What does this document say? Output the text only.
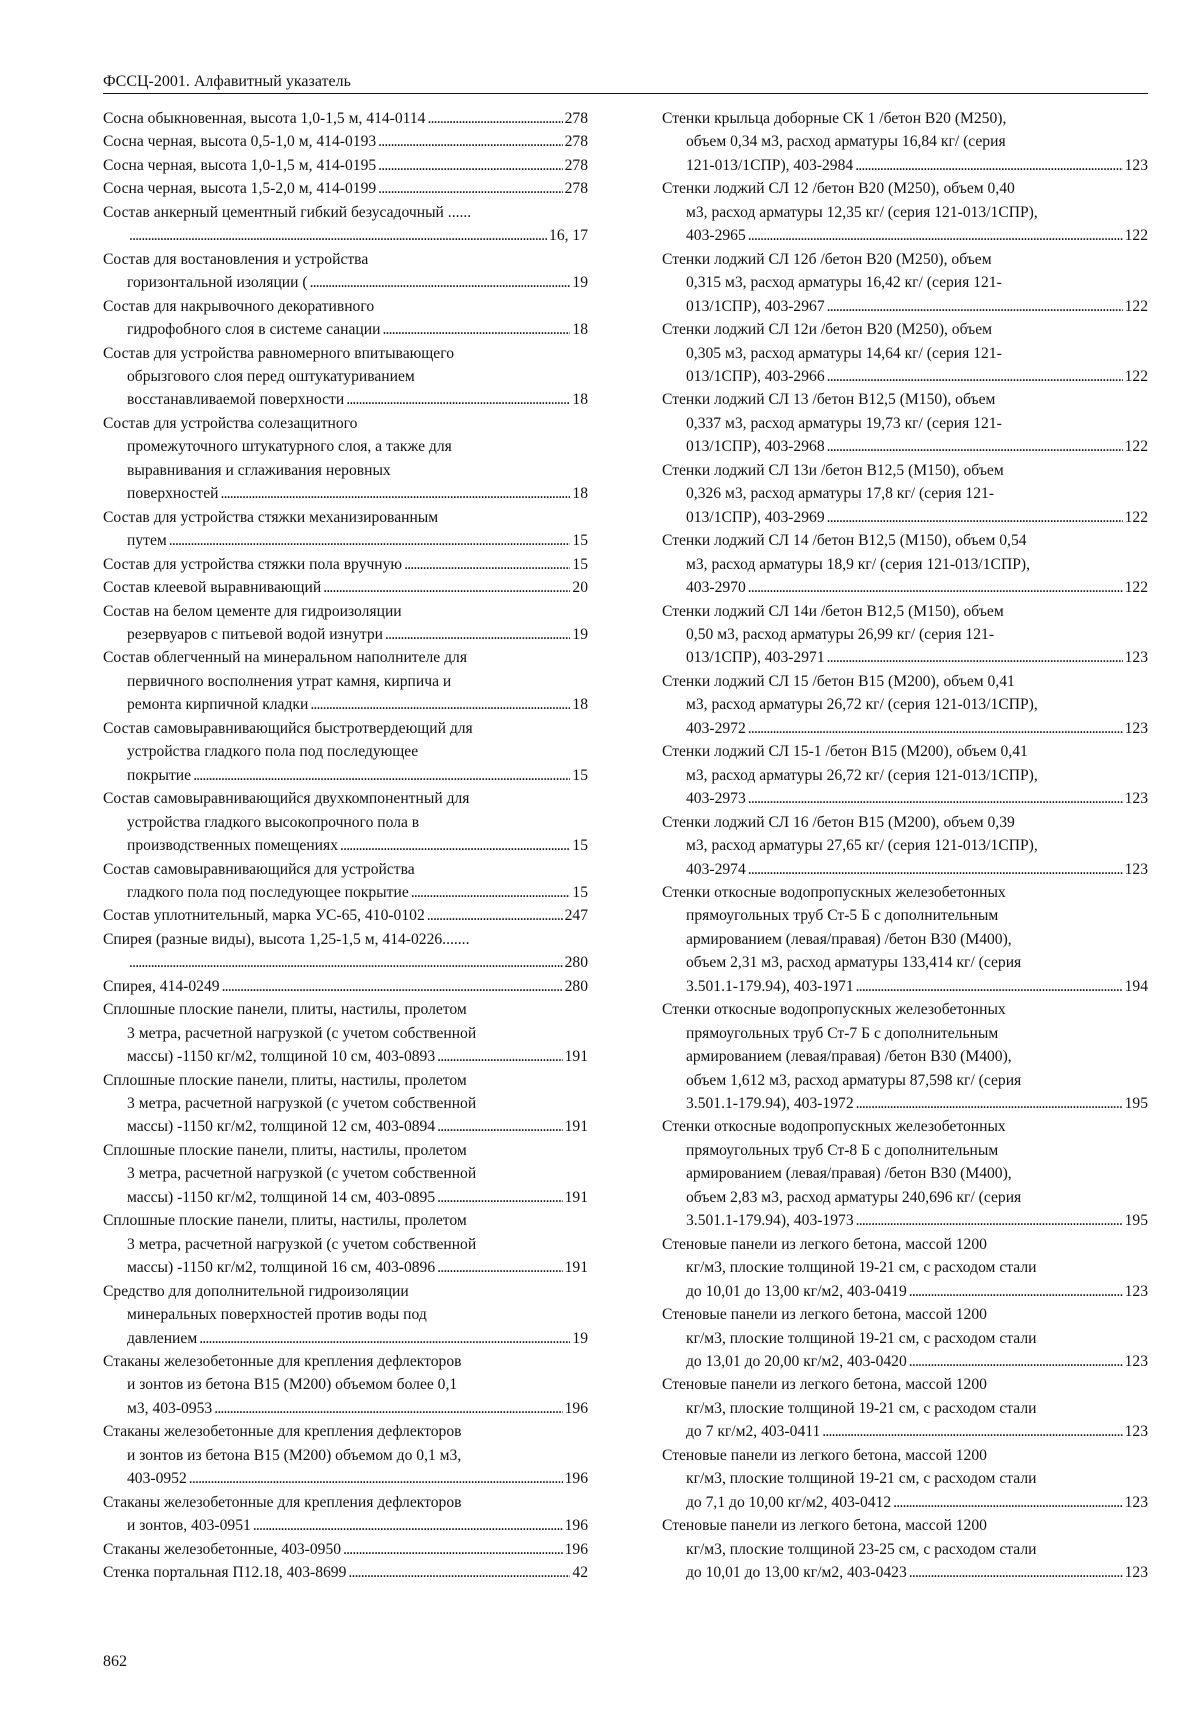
ФССЦ-2001. Алфавитный указатель
Сосна обыкновенная, высота 1,0-1,5 м, 414-0114 .....	278
Сосна черная, высота 0,5-1,0 м, 414-0193 .....	278
Сосна черная, высота 1,0-1,5 м, 414-0195 .....	278
Сосна черная, высота 1,5-2,0 м, 414-0199 .....	278
Состав анкерный цементный гибкий безусадочный ......
.....
16, 17
Состав для востановления и устройства
горизонтальной изоляции ( .....	19
Состав для накрывочного декоративного
гидрофобного слоя в системе санации .....	18
Состав для устройства равномерного впитывающего
обрызгового слоя перед оштукатуриванием
восстанавливаемой поверхности .....	18
Состав для устройства солезащитного
промежуточного штукатурного слоя, а также для
выравнивания и сглаживания неровных
поверхностей .....	18
Состав для устройства стяжки механизированным
путем .....	15
Состав для устройства стяжки пола вручную .....	15
Состав клеевой выравнивающий .....	20
Состав на белом цементе для гидроизоляции
резервуаров с питьевой водой изнутри .....	19
Состав облегченный на минеральном наполнителе для
первичного восполнения утрат камня, кирпича и
ремонта кирпичной кладки .....	18
Состав самовыравнивающийся быстротвердеющий для
устройства гладкого пола под последующее
покрытие .....	15
Состав самовыравнивающийся двухкомпонентный для
устройства гладкого высокопрочного пола в
производственных помещениях .....	15
Состав самовыравнивающийся для устройства
гладкого пола под последующее покрытие .....	15
Состав уплотнительный, марка УС-65, 410-0102 .....	247
Спирея (разные виды), высота 1,25-1,5 м, 414-0226.......
.....
280
Спирея, 414-0249 .....	280
Сплошные плоские панели, плиты, настилы, пролетом
3 метра, расчетной нагрузкой (с учетом собственной
массы) -1150 кг/м2, толщиной 10 см, 403-0893 .....	191
Сплошные плоские панели, плиты, настилы, пролетом
3 метра, расчетной нагрузкой (с учетом собственной
массы) -1150 кг/м2, толщиной 12 см, 403-0894 .....	191
Сплошные плоские панели, плиты, настилы, пролетом
3 метра, расчетной нагрузкой (с учетом собственной
массы) -1150 кг/м2, толщиной 14 см, 403-0895 .....	191
Сплошные плоские панели, плиты, настилы, пролетом
3 метра, расчетной нагрузкой (с учетом собственной
массы) -1150 кг/м2, толщиной 16 см, 403-0896 .....	191
Средство для дополнительной гидроизоляции
минеральных поверхностей против воды под
давлением .....	19
Стаканы железобетонные для крепления дефлекторов
и зонтов из бетона В15 (М200) объемом более 0,1
м3, 403-0953 .....	196
Стаканы железобетонные для крепления дефлекторов
и зонтов из бетона В15 (М200) объемом до 0,1 м3,
403-0952 .....	196
Стаканы железобетонные для крепления дефлекторов
и зонтов, 403-0951 .....	196
Стаканы железобетонные, 403-0950 .....	196
Стенка портальная П12.18, 403-8699 .....	42
Стенки крыльца доборные СК 1 /бетон В20 (М250),
объем 0,34 м3, расход арматуры 16,84 кг/ (серия
121-013/1СПР), 403-2984 .....	123
Стенки лоджий СЛ 12 /бетон В20 (М250), объем 0,40
м3, расход арматуры 12,35 кг/ (серия 121-013/1СПР),
403-2965 .....	122
Стенки лоджий СЛ 12б /бетон В20 (М250), объем
0,315 м3, расход арматуры 16,42 кг/ (серия 121-
013/1СПР), 403-2967 .....	122
Стенки лоджий СЛ 12и /бетон В20 (М250), объем
0,305 м3, расход арматуры 14,64 кг/ (серия 121-
013/1СПР), 403-2966 .....	122
Стенки лоджий СЛ 13 /бетон В12,5 (М150), объем
0,337 м3, расход арматуры 19,73 кг/ (серия 121-
013/1СПР), 403-2968 .....	122
Стенки лоджий СЛ 13и /бетон В12,5 (М150), объем
0,326 м3, расход арматуры 17,8 кг/ (серия 121-
013/1СПР), 403-2969 .....	122
Стенки лоджий СЛ 14 /бетон В12,5 (М150), объем 0,54
м3, расход арматуры 18,9 кг/ (серия 121-013/1СПР),
403-2970 .....	122
Стенки лоджий СЛ 14и /бетон В12,5 (М150), объем
0,50 м3, расход арматуры 26,99 кг/ (серия 121-
013/1СПР), 403-2971 .....	123
Стенки лоджий СЛ 15 /бетон В15 (М200), объем 0,41
м3, расход арматуры 26,72 кг/ (серия 121-013/1СПР),
403-2972 .....	123
Стенки лоджий СЛ 15-1 /бетон В15 (М200), объем 0,41
м3, расход арматуры 26,72 кг/ (серия 121-013/1СПР),
403-2973 .....	123
Стенки лоджий СЛ 16 /бетон В15 (М200), объем 0,39
м3, расход арматуры 27,65 кг/ (серия 121-013/1СПР),
403-2974 .....	123
Стенки откосные водопропускных железобетонных
прямоугольных труб Ст-5 Б с дополнительным
армированием (левая/правая) /бетон В30 (М400),
объем 2,31 м3, расход арматуры 133,414 кг/ (серия
3.501.1-179.94), 403-1971 .....	194
Стенки откосные водопропускных железобетонных
прямоугольных труб Ст-7 Б с дополнительным
армированием (левая/правая) /бетон В30 (М400),
объем 1,612 м3, расход арматуры 87,598 кг/ (серия
3.501.1-179.94), 403-1972 .....	195
Стенки откосные водопропускных железобетонных
прямоугольных труб Ст-8 Б с дополнительным
армированием (левая/правая) /бетон В30 (М400),
объем 2,83 м3, расход арматуры 240,696 кг/ (серия
3.501.1-179.94), 403-1973 .....	195
Стеновые панели из легкого бетона, массой 1200
кг/м3, плоские толщиной 19-21 см, с расходом стали
до 10,01 до 13,00 кг/м2, 403-0419 .....	123
Стеновые панели из легкого бетона, массой 1200
кг/м3, плоские толщиной 19-21 см, с расходом стали
до 13,01 до 20,00 кг/м2, 403-0420 .....	123
Стеновые панели из легкого бетона, массой 1200
кг/м3, плоские толщиной 19-21 см, с расходом стали
до 7 кг/м2, 403-0411 .....	123
Стеновые панели из легкого бетона, массой 1200
кг/м3, плоские толщиной 19-21 см, с расходом стали
до 7,1 до 10,00 кг/м2, 403-0412 .....	123
Стеновые панели из легкого бетона, массой 1200
кг/м3, плоские толщиной 23-25 см, с расходом стали
до 10,01 до 13,00 кг/м2, 403-0423 .....	123
862
